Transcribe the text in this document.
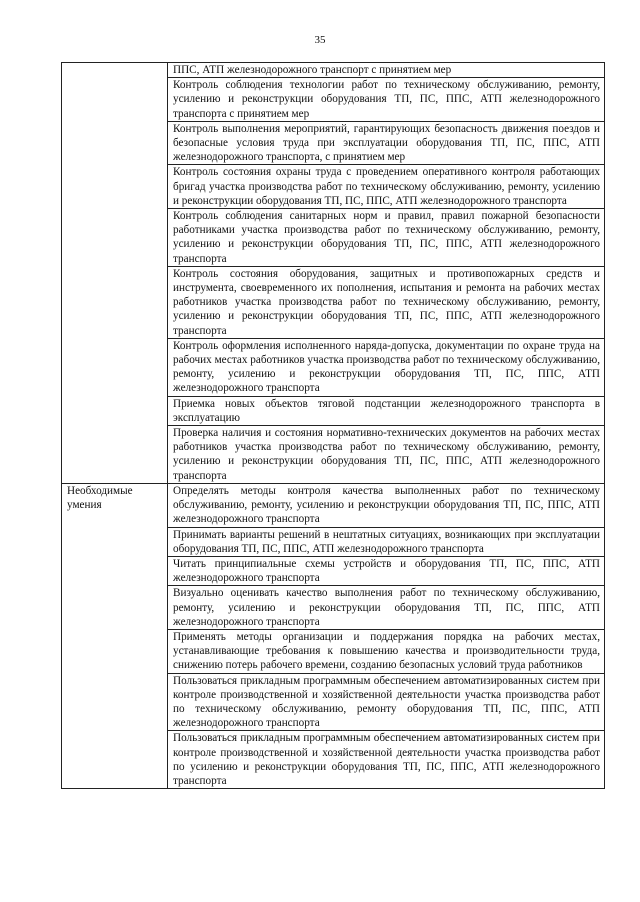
35

	ППС, АТП железнодорожного транспорт с принятием мер

	Контроль соблюдения технологии работ по техническому обслуживанию, ремонту, усилению и реконструкции оборудования ТП, ПС, ППС, АТП железнодорожного транспорта с принятием мер

	Контроль выполнения мероприятий, гарантирующих безопасность движения поездов и безопасные условия труда при эксплуатации оборудования ТП, ПС, ППС, АТП железнодорожного транспорта, с принятием мер

	Контроль состояния охраны труда с проведением оперативного контроля работающих бригад участка производства работ по техническому обслуживанию, ремонту, усилению и реконструкции оборудования ТП, ПС, ППС, АТП железнодорожного транспорта

	Контроль соблюдения санитарных норм и правил, правил пожарной безопасности работниками участка производства работ по техническому обслуживанию, ремонту, усилению и реконструкции оборудования ТП, ПС, ППС, АТП железнодорожного транспорта

	Контроль состояния оборудования, защитных и противопожарных средств и инструмента, своевременного их пополнения, испытания и ремонта на рабочих местах работников участка производства работ по техническому обслуживанию, ремонту, усилению и реконструкции оборудования ТП, ПС, ППС, АТП железнодорожного транспорта

	Контроль оформления исполненного наряда-допуска, документации по охране труда на рабочих местах работников участка производства работ по техническому обслуживанию, ремонту, усилению и реконструкции оборудования ТП, ПС, ППС, АТП железнодорожного транспорта

	Приемка новых объектов тяговой подстанции железнодорожного транспорта в эксплуатацию

	Проверка наличия и состояния нормативно-технических документов на рабочих местах работников участка производства работ по техническому обслуживанию, ремонту, усилению и реконструкции оборудования ТП, ПС, ППС, АТП железнодорожного транспорта

Необходимые умения	Определять методы контроля качества выполненных работ по техническому обслуживанию, ремонту, усилению и реконструкции оборудования ТП, ПС, ППС, АТП железнодорожного транспорта

	Принимать варианты решений в нештатных ситуациях, возникающих при эксплуатации оборудования ТП, ПС, ППС, АТП железнодорожного транспорта

	Читать принципиальные схемы устройств и оборудования ТП, ПС, ППС, АТП железнодорожного транспорта

	Визуально оценивать качество выполнения работ по техническому обслуживанию, ремонту, усилению и реконструкции оборудования ТП, ПС, ППС, АТП железнодорожного транспорта

	Применять методы организации и поддержания порядка на рабочих местах, устанавливающие требования к повышению качества и производительности труда, снижению потерь рабочего времени, созданию безопасных условий труда работников

	Пользоваться прикладным программным обеспечением автоматизированных систем при контроле производственной и хозяйственной деятельности участка производства работ по техническому обслуживанию, ремонту оборудования ТП, ПС, ППС, АТП железнодорожного транспорта

	Пользоваться прикладным программным обеспечением автоматизированных систем при контроле производственной и хозяйственной деятельности участка производства работ по усилению и реконструкции оборудования ТП, ПС, ППС, АТП железнодорожного транспорта
